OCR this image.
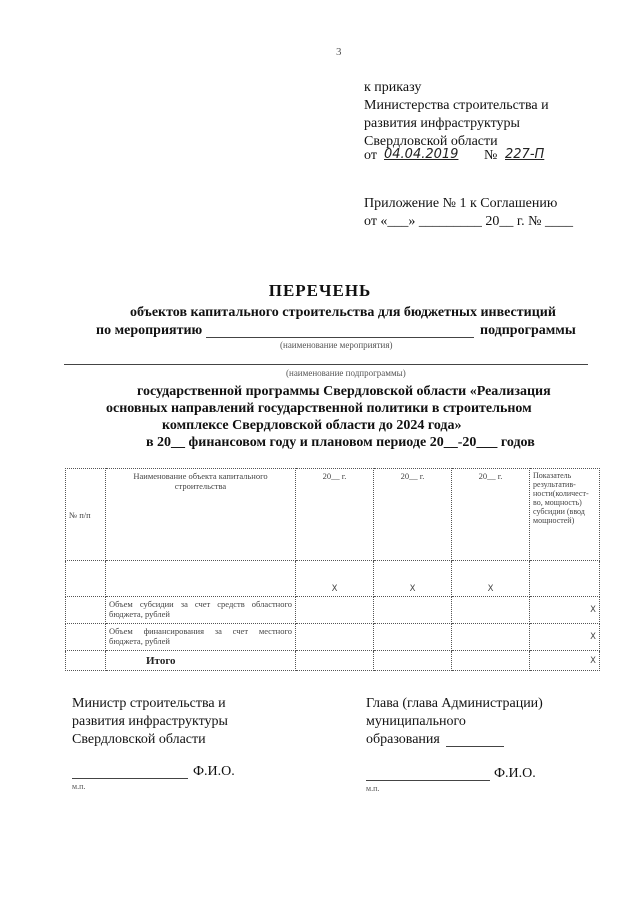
3
к приказу
Министерства строительства и
развития инфраструктуры
Свердловской области
от 04.04.2019 № 227-П
Приложение № 1 к Соглашению
от «___» _________ 20__ г. № ____
ПЕРЕЧЕНЬ
объектов капитального строительства для бюджетных инвестиций
по мероприятию	подпрограммы
(наименование мероприятия)
(наименование подпрограммы)
государственной программы Свердловской области «Реализация
основных направлений государственной политики в строительном
комплексе Свердловской области до 2024 года»
в 20__ финансовом году и плановом периоде 20__-20___ годов
№ п/п	Наименование объекта капитального строительства	20__ г.	20__ г.	20__ г.	Показатель результатив-ности(количест-во, мощность) субсидии (ввод мощностей)
		X	X	X	
	Объем субсидии за счет средств областного бюджета, рублей				X
	Объем финансирования за счет местного бюджета, рублей				X
	Итого				X
Министр строительства и
развития инфраструктуры
Свердловской области
Ф.И.О.
м.п.
Глава (глава Администрации)
муниципального
образования
Ф.И.О.
м.п.
